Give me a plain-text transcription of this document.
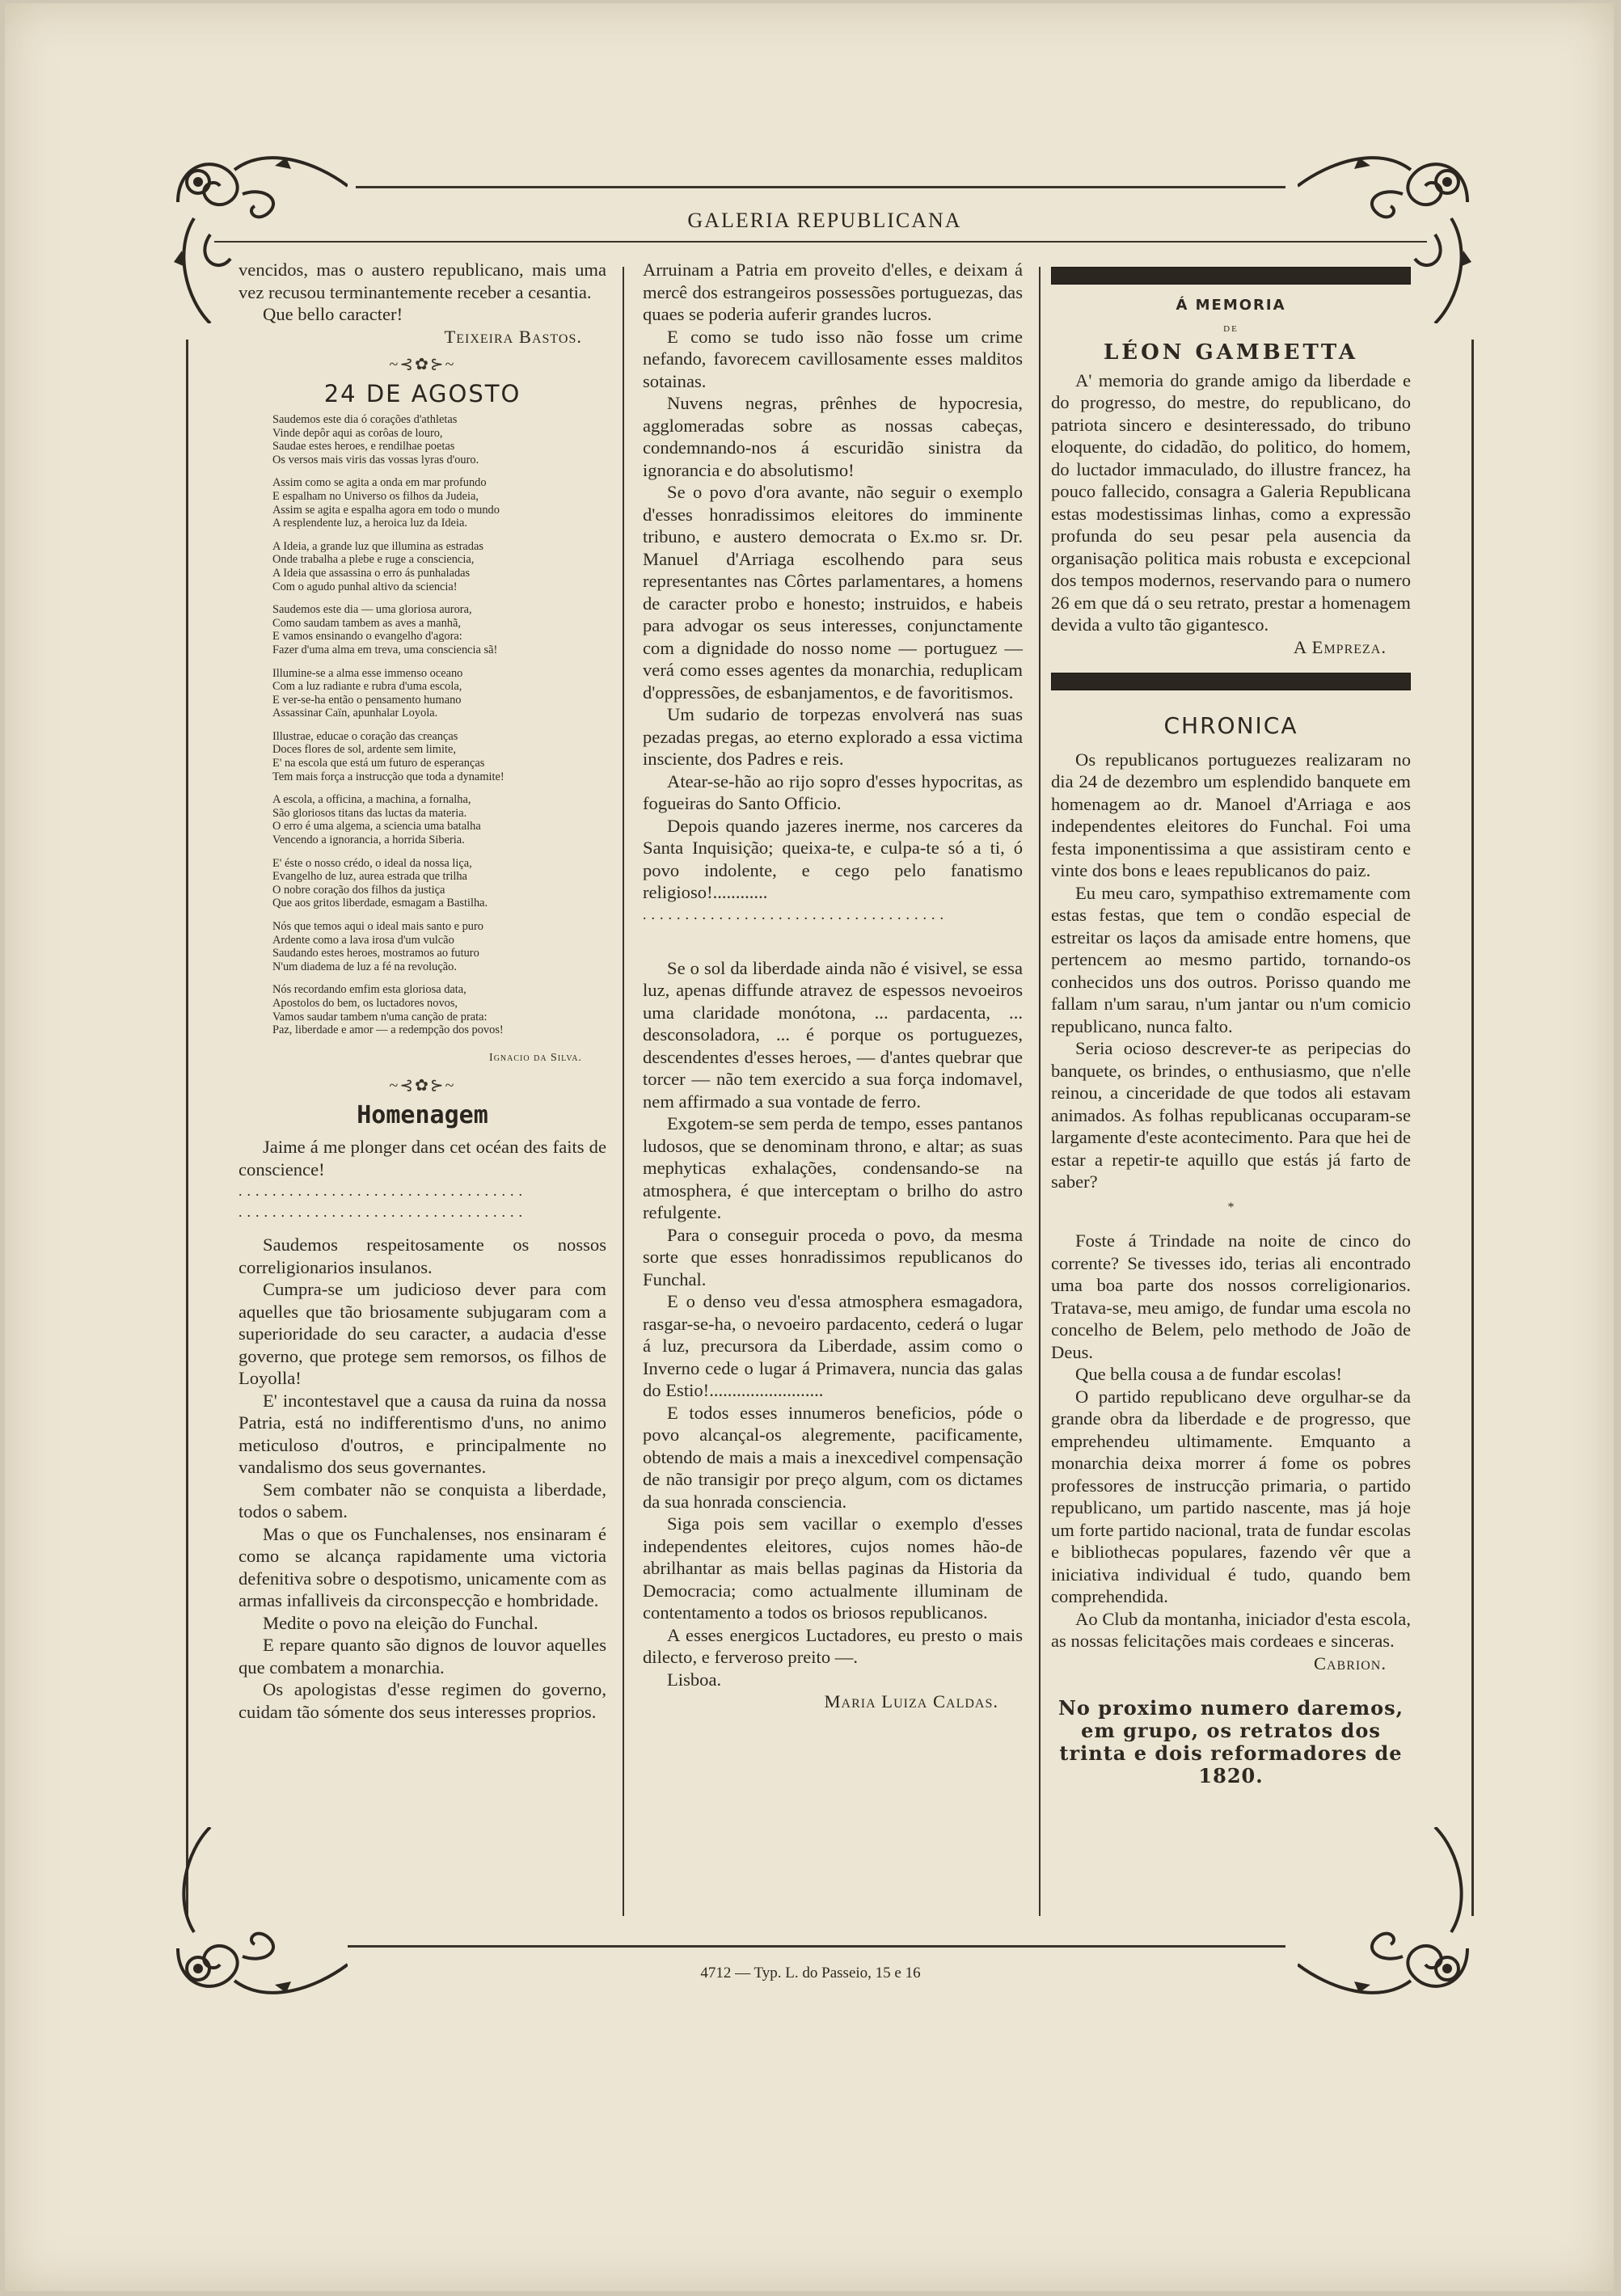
GALERIA REPUBLICANA

vencidos, mas o austero republicano, mais uma vez recusou terminantemente receber a cesantia.

Que bello caracter!

Teixeira Bastos.
~⊰✿⊱~
24 DE AGOSTO
Saudemos este dia ó corações d'athletas
Vinde depôr aqui as corôas de louro,
Saudae estes heroes, e rendilhae poetas
Os versos mais viris das vossas lyras d'ouro.
Assim como se agita a onda em mar profundo
E espalham no Universo os filhos da Judeia,
Assim se agita e espalha agora em todo o mundo
A resplendente luz, a heroica luz da Ideia.
A Ideia, a grande luz que illumina as estradas
Onde trabalha a plebe e ruge a consciencia,
A Ideia que assassina o erro ás punhaladas
Com o agudo punhal altivo da sciencia!
Saudemos este dia — uma gloriosa aurora,
Como saudam tambem as aves a manhã,
E vamos ensinando o evangelho d'agora:
Fazer d'uma alma em treva, uma consciencia sã!
Illumine-se a alma esse immenso oceano
Com a luz radiante e rubra d'uma escola,
E ver-se-ha então o pensamento humano
Assassinar Caïn, apunhalar Loyola.
Illustrae, educae o coração das creanças
Doces flores de sol, ardente sem limite,
E' na escola que está um futuro de esperanças
Tem mais força a instrucção que toda a dynamite!
A escola, a officina, a machina, a fornalha,
São gloriosos titans das luctas da materia.
O erro é uma algema, a sciencia uma batalha
Vencendo a ignorancia, a horrida Siberia.
E' éste o nosso crédo, o ideal da nossa liça,
Evangelho de luz, aurea estrada que trilha
O nobre coração dos filhos da justiça
Que aos gritos liberdade, esmagam a Bastilha.
Nós que temos aqui o ideal mais santo e puro
Ardente como a lava irosa d'um vulcão
Saudando estes heroes, mostramos ao futuro
N'um diadema de luz a fé na revolução.
Nós recordando emfim esta gloriosa data,
Apostolos do bem, os luctadores novos,
Vamos saudar tambem n'uma canção de prata:
Paz, liberdade e amor — a redempção dos povos!
Ignacio da Silva.
~⊰✿⊱~
Homenagem

Jaime á me plonger dans cet océan des faits de conscience!

..................................
..................................

Saudemos respeitosamente os nossos correligionarios insulanos.

Cumpra-se um judicioso dever para com aquelles que tão briosamente subjugaram com a superioridade do seu caracter, a audacia d'esse governo, que protege sem remorsos, os filhos de Loyolla!

E' incontestavel que a causa da ruina da nossa Patria, está no indifferentismo d'uns, no animo meticuloso d'outros, e principalmente no vandalismo dos seus governantes.

Sem combater não se conquista a liberdade, todos o sabem.

Mas o que os Funchalenses, nos ensinaram é como se alcança rapidamente uma victoria defenitiva sobre o despotismo, unicamente com as armas infalliveis da circonspecção e hombridade.

Medite o povo na eleição do Funchal.

E repare quanto são dignos de louvor aquelles que combatem a monarchia.

Os apologistas d'esse regimen do governo, cuidam tão sómente dos seus interesses proprios.

Arruinam a Patria em proveito d'elles, e deixam á mercê dos estrangeiros possessões portuguezas, das quaes se poderia auferir grandes lucros.

E como se tudo isso não fosse um crime nefando, favorecem cavillosamente esses malditos sotainas.

Nuvens negras, prênhes de hypocresia, agglomeradas sobre as nossas cabeças, condemnando-nos á escuridão sinistra da ignorancia e do absolutismo!

Se o povo d'ora avante, não seguir o exemplo d'esses honradissimos eleitores do imminente tribuno, e austero democrata o Ex.mo sr. Dr. Manuel d'Arriaga escolhendo para seus representantes nas Côrtes parlamentares, a homens de caracter probo e honesto; instruidos, e habeis para advogar os seus interesses, conjunctamente com a dignidade do nosso nome — portuguez — verá como esses agentes da monarchia, reduplicam d'oppressões, de esbanjamentos, e de favoritismos.

Um sudario de torpezas envolverá nas suas pezadas pregas, ao eterno explorado a essa victima insciente, dos Padres e reis.

Atear-se-hão ao rijo sopro d'esses hypocritas, as fogueiras do Santo Officio.

Depois quando jazeres inerme, nos carceres da Santa Inquisição; queixa-te, e culpa-te só a ti, ó povo indolente, e cego pelo fanatismo religioso!............

....................................

Se o sol da liberdade ainda não é visivel, se essa luz, apenas diffunde atravez de espessos nevoeiros uma claridade monótona, ... pardacenta, ... desconsoladora, ... é porque os portuguezes, descendentes d'esses heroes, — d'antes quebrar que torcer — não tem exercido a sua força indomavel, nem affirmado a sua vontade de ferro.

Exgotem-se sem perda de tempo, esses pantanos ludosos, que se denominam throno, e altar; as suas mephyticas exhalações, condensando-se na atmosphera, é que interceptam o brilho do astro refulgente.

Para o conseguir proceda o povo, da mesma sorte que esses honradissimos republicanos do Funchal.

E o denso veu d'essa atmosphera esmagadora, rasgar-se-ha, o nevoeiro pardacento, cederá o lugar á luz, precursora da Liberdade, assim como o Inverno cede o lugar á Primavera, nuncia das galas do Estio!.........................

E todos esses innumeros beneficios, póde o povo alcançal-os alegremente, pacificamente, obtendo de mais a mais a inexcedivel compensação de não transigir por preço algum, com os dictames da sua honrada consciencia.

Siga pois sem vacillar o exemplo d'esses independentes eleitores, cujos nomes hão-de abrilhantar as mais bellas paginas da Historia da Democracia; como actualmente illuminam de contentamento a todos os briosos republicanos.

A esses energicos Luctadores, eu presto o mais dilecto, e ferveroso preito —.

Lisboa.

Maria Luiza Caldas.
Á MEMORIA
DE
LÉON GAMBETTA

A' memoria do grande amigo da liberdade e do progresso, do mestre, do republicano, do patriota sincero e desinteressado, do tribuno eloquente, do cidadão, do politico, do homem, do luctador immaculado, do illustre francez, ha pouco fallecido, consagra a Galeria Republicana estas modestissimas linhas, como a expressão profunda do seu pesar pela ausencia da organisação politica mais robusta e excepcional dos tempos modernos, reservando para o numero 26 em que dá o seu retrato, prestar a homenagem devida a vulto tão gigantesco.

A Empreza.
CHRONICA

Os republicanos portuguezes realizaram no dia 24 de dezembro um esplendido banquete em homenagem ao dr. Manoel d'Arriaga e aos independentes eleitores do Funchal. Foi uma festa imponentissima a que assistiram cento e vinte dos bons e leaes republicanos do paiz.

Eu meu caro, sympathiso extremamente com estas festas, que tem o condão especial de estreitar os laços da amisade entre homens, que pertencem ao mesmo partido, tornando-os conhecidos uns dos outros. Porisso quando me fallam n'um sarau, n'um jantar ou n'um comicio republicano, nunca falto.

Seria ocioso descrever-te as peripecias do banquete, os brindes, o enthusiasmo, que n'elle reinou, a cinceridade de que todos ali estavam animados. As folhas republicanas occuparam-se largamente d'este acontecimento. Para que hei de estar a repetir-te aquillo que estás já farto de saber?

*

Foste á Trindade na noite de cinco do corrente? Se tivesses ido, terias ali encontrado uma boa parte dos nossos correligionarios. Tratava-se, meu amigo, de fundar uma escola no concelho de Belem, pelo methodo de João de Deus.

Que bella cousa a de fundar escolas!

O partido republicano deve orgulhar-se da grande obra da liberdade e de progresso, que emprehendeu ultimamente. Emquanto a monarchia deixa morrer á fome os pobres professores de instrucção primaria, o partido republicano, um partido nascente, mas já hoje um forte partido nacional, trata de fundar escolas e bibliothecas populares, fazendo vêr que a iniciativa individual é tudo, quando bem comprehendida.

Ao Club da montanha, iniciador d'esta escola, as nossas felicitações mais cordeaes e sinceras.

Cabrion.
No proximo numero daremos, em grupo, os retratos dos trinta e dois reformadores de 1820.
4712 — Typ. L. do Passeio, 15 e 16
